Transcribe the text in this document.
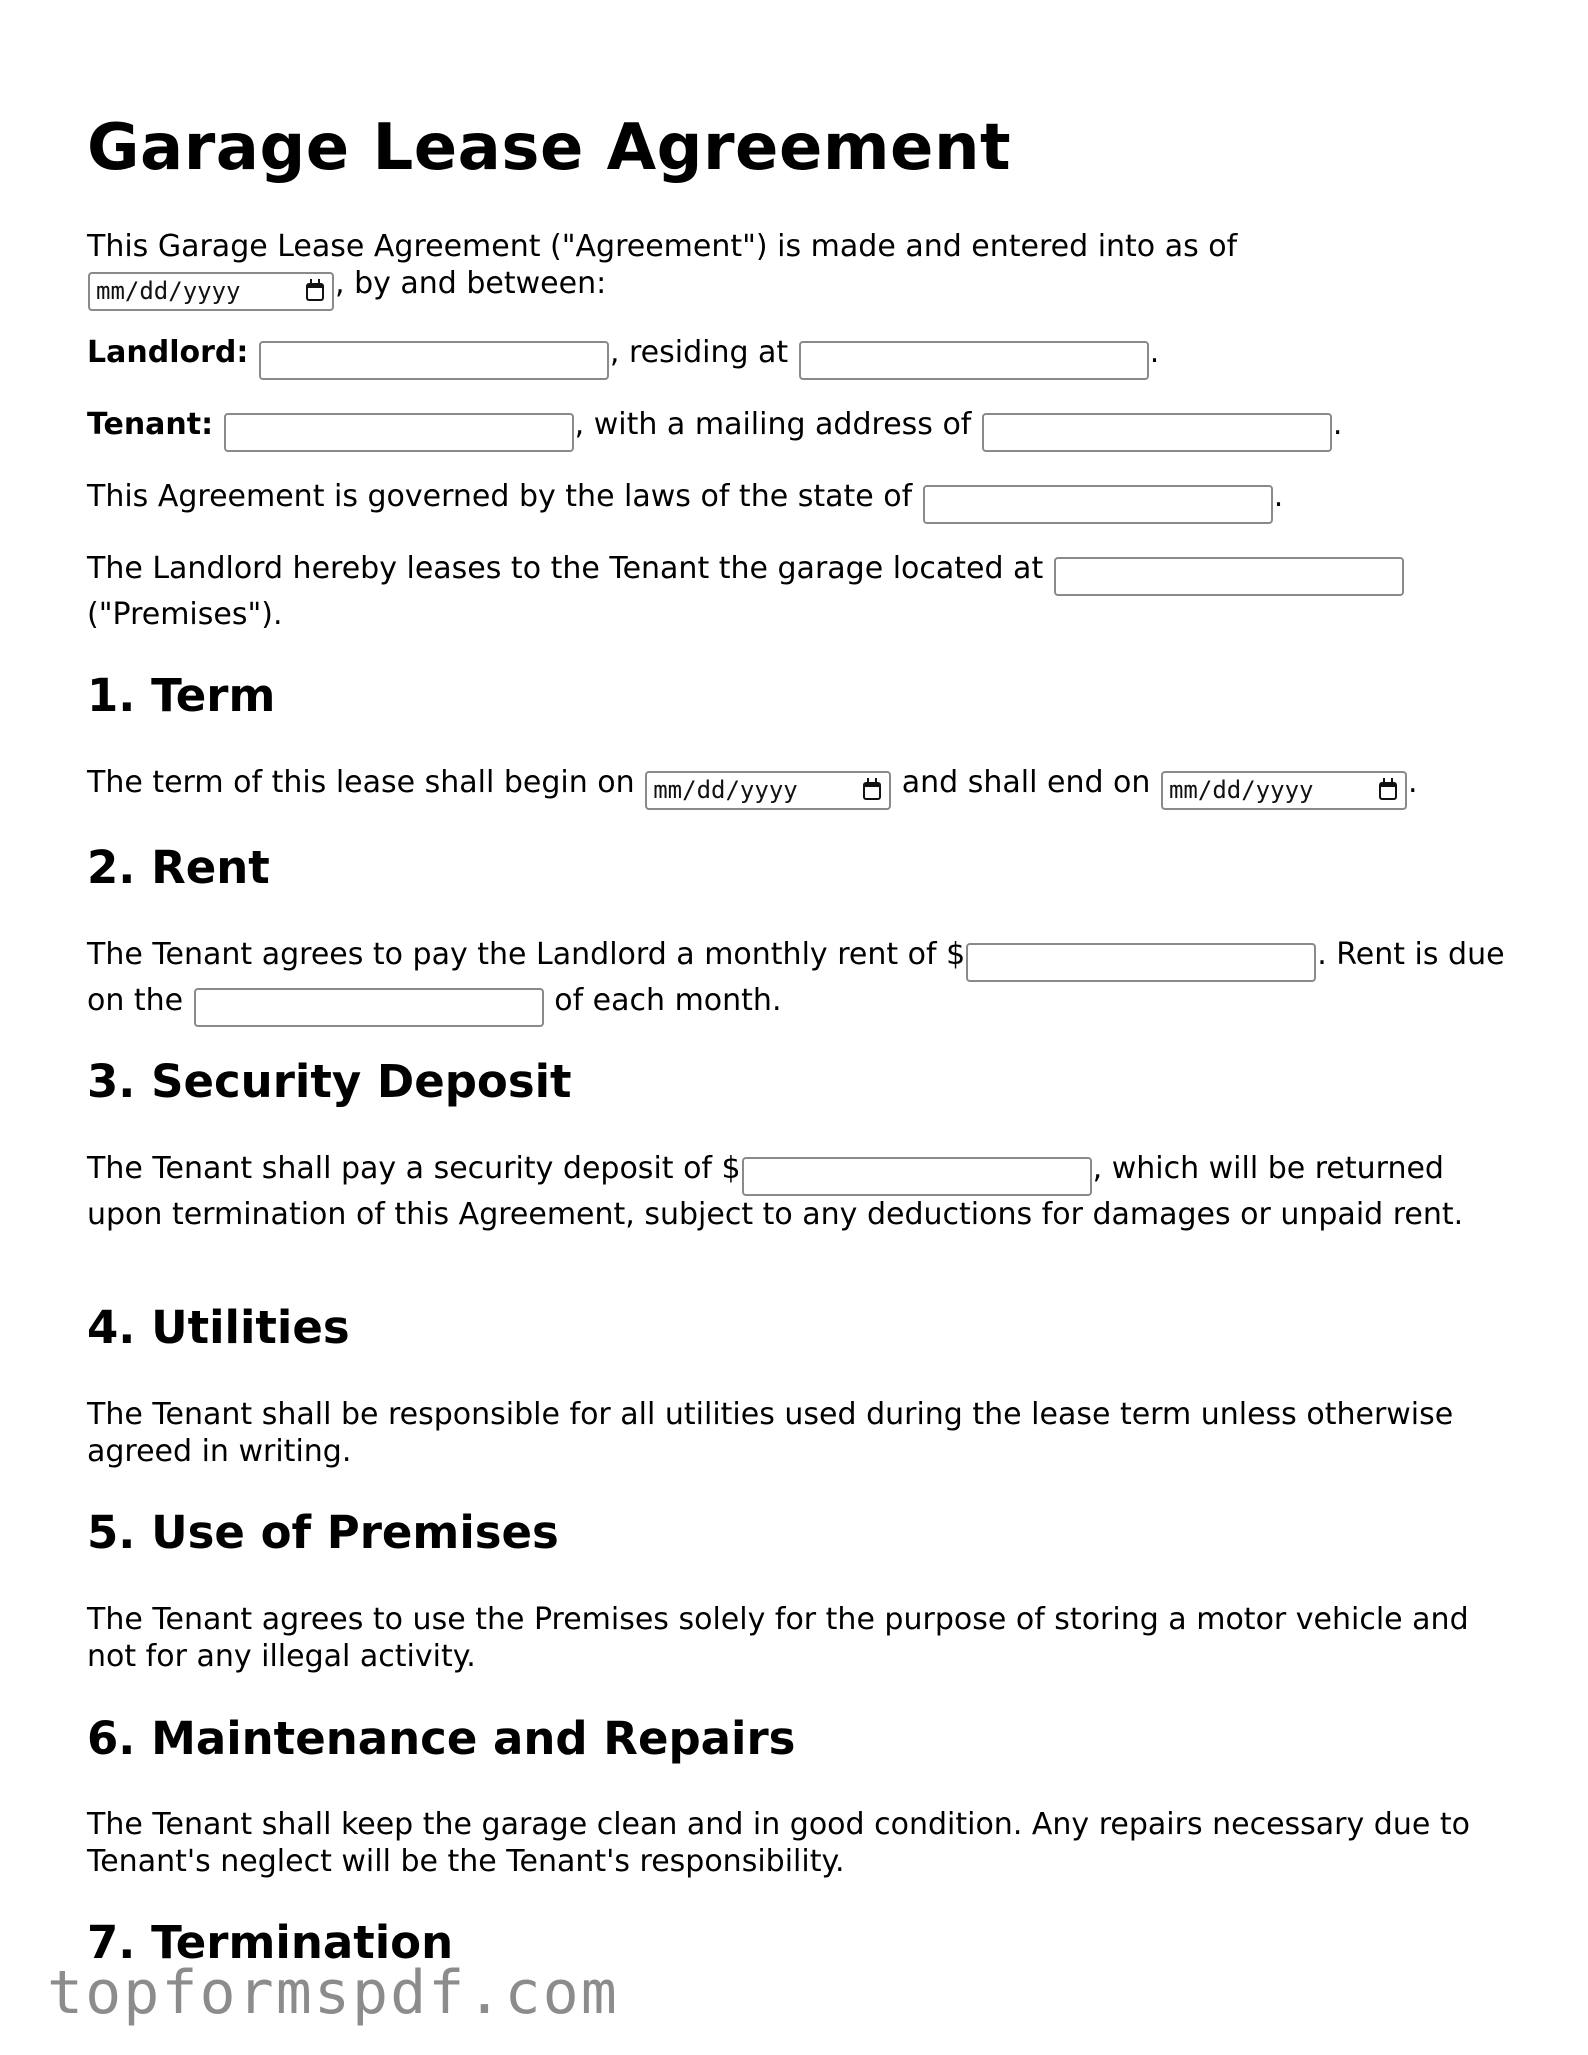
Garage Lease Agreement

This Garage Lease Agreement ("Agreement") is made and entered into as of

mm/dd/yyyy	, by and between:

Landlord:	, residing at	.

Tenant:	, with a mailing address of	.

This Agreement is governed by the laws of the state of	.

The Landlord hereby leases to the Tenant the garage located at
("Premises").

1. Term

The term of this lease shall begin on mm/dd/yyyy	and shall end on mm/dd/yyyy	.

2. Rent

The Tenant agrees to pay the Landlord a monthly rent of $	. Rent is due on the	of each month.

3. Security Deposit

The Tenant shall pay a security deposit of $	, which will be returned upon termination of this Agreement, subject to any deductions for damages or unpaid rent.

4. Utilities

The Tenant shall be responsible for all utilities used during the lease term unless otherwise agreed in writing.

5. Use of Premises

The Tenant agrees to use the Premises solely for the purpose of storing a motor vehicle and not for any illegal activity.

6. Maintenance and Repairs

The Tenant shall keep the garage clean and in good condition. Any repairs necessary due to Tenant's neglect will be the Tenant's responsibility.

7. Termination
topformspdf.com
